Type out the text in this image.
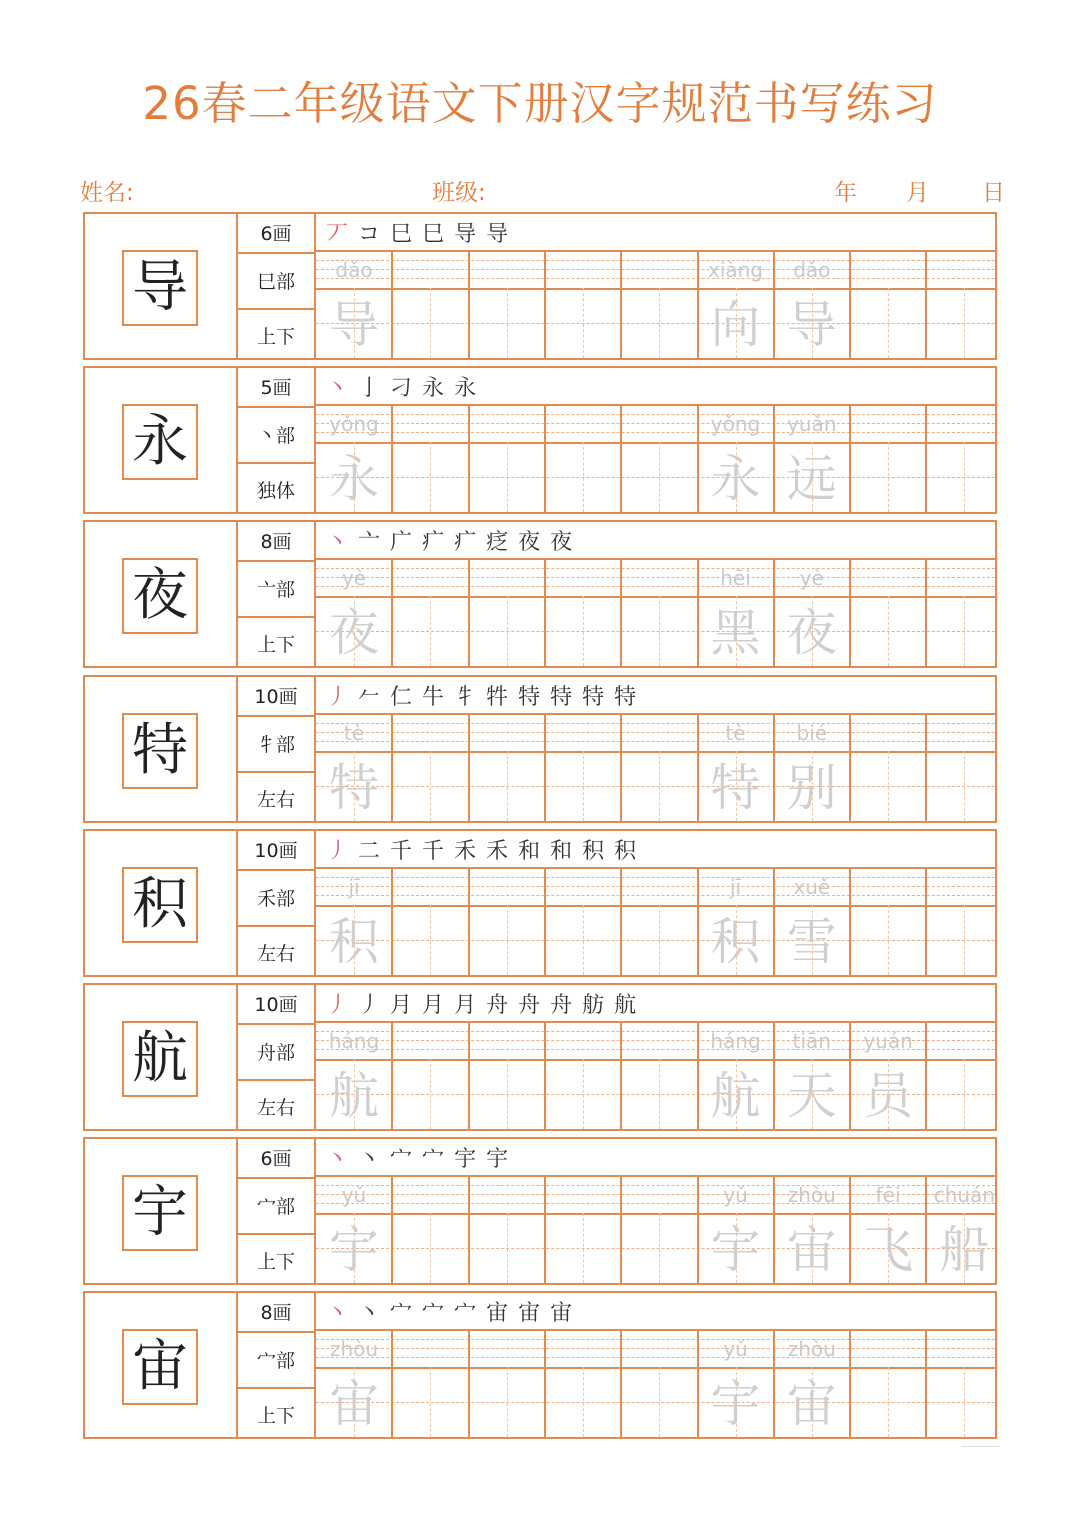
26春二年级语文下册汉字规范书写练习
姓名:	班级:	年 月 日
导
6画
巳部
上下
丆 コ 巳 巳 导 导
dǎo
导
xiàng
向
dǎo
导
永
5画
丶部
独体
丶 亅 刁 永 永
yǒng
永
yǒng
永
yuǎn
远
夜
8画
亠部
上下
丶 亠 广 疒 疒 疺 夜 夜
yè
夜
hēi
黑
yè
夜
特
10画
牜部
左右
丿 𠂉 仁 牛 牜 牪 特 特 特 特
tè
特
tè
特
bié
别
积
10画
禾部
左右
丿 二 千 千 禾 禾 和 和 积 积
jī
积
jī
积
xuě
雪
航
10画
舟部
左右
丿 丿 月 月 月 舟 舟 舟 舫 航
háng
航
háng
航
tiān
天
yuán
员
宇
6画
宀部
上下
丶 丶 宀 宀 宇 宇
yǔ
宇
yǔ
宇
zhòu
宙
fēi
飞
chuán
船
宙
8画
宀部
上下
丶 丶 宀 宀 宀 宙 宙 宙
zhòu
宙
yǔ
宇
zhòu
宙
